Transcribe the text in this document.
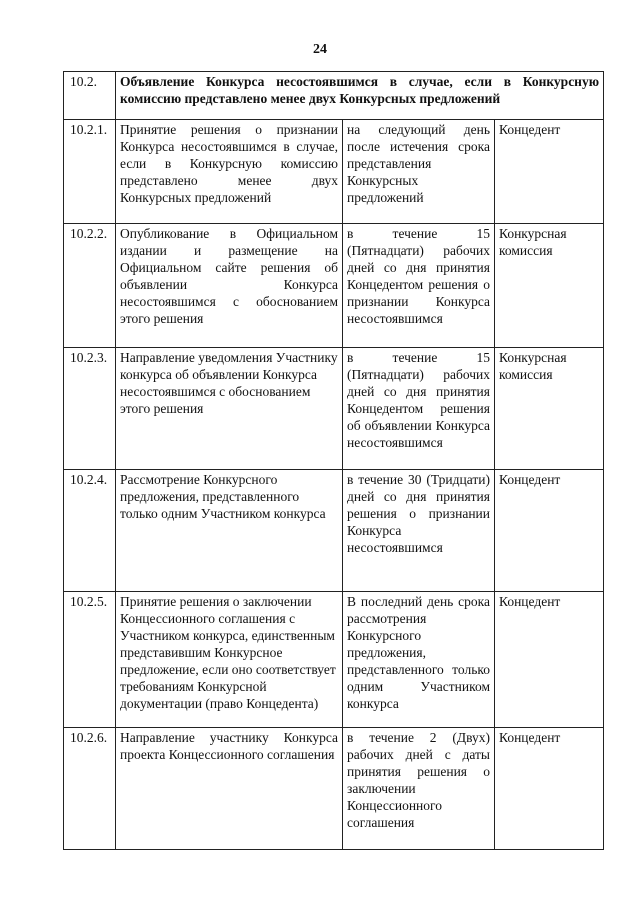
24
10.2.	Объявление Конкурса несостоявшимся в случае, если в Конкурсную комиссию представлено менее двух Конкурсных предложений		
10.2.1.	Принятие решения о признании Конкурса несостоявшимся в случае, если в Конкурсную комиссию представлено менее двух Конкурсных предложений	на следующий день после истечения срока представления Конкурсных предложений	Концедент
10.2.2.	Опубликование в Официальном издании и размещение на Официальном сайте решения об объявлении Конкурса несостоявшимся с обоснованием этого решения	в течение 15 (Пятнадцати) рабочих дней со дня принятия Концедентом решения о признании Конкурса несостоявшимся	Конкурсная комиссия
10.2.3.	Направление уведомления Участнику конкурса об объявлении Конкурса несостоявшимся с обоснованием этого решения	в течение 15 (Пятнадцати) рабочих дней со дня принятия Концедентом решения об объявлении Конкурса несостоявшимся	Конкурсная комиссия
10.2.4.	Рассмотрение Конкурсного предложения, представленного только одним Участником конкурса	в течение 30 (Тридцати) дней со дня принятия решения о признании Конкурса несостоявшимся	Концедент
10.2.5.	Принятие решения о заключении Концессионного соглашения с Участником конкурса, единственным представившим Конкурсное предложение, если оно соответствует требованиям Конкурсной документации (право Концедента)	В последний день срока рассмотрения Конкурсного предложения, представленного только одним Участником конкурса	Концедент
10.2.6.	Направление участнику Конкурса проекта Концессионного соглашения	в течение 2 (Двух) рабочих дней с даты принятия решения о заключении Концессионного соглашения	Концедент
